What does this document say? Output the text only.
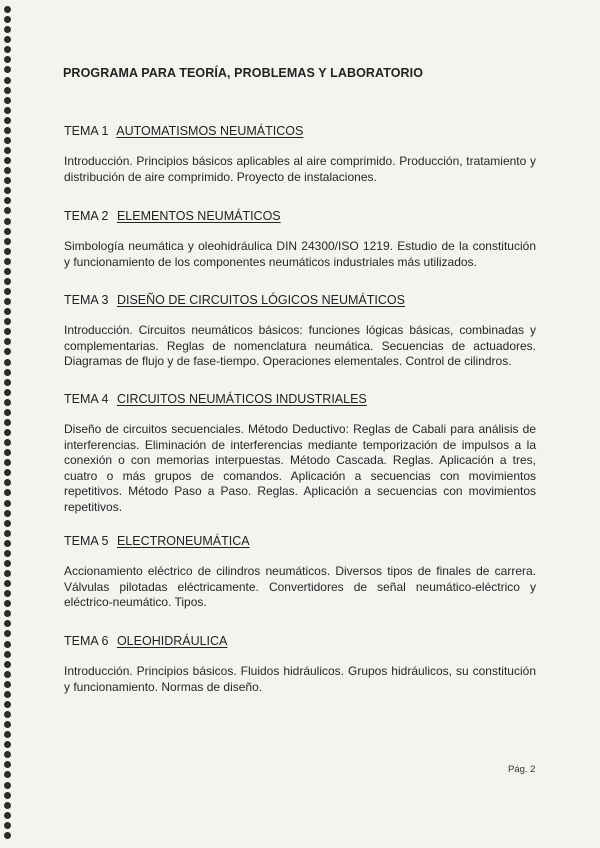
PROGRAMA PARA TEORÍA, PROBLEMAS Y LABORATORIO
TEMA 1 AUTOMATISMOS NEUMÁTICOS
Introducción. Principios básicos aplicables al aire comprimido. Producción, tratamiento y distribución de aire comprimido. Proyecto de instalaciones.
TEMA 2 ELEMENTOS NEUMÁTICOS
Simbología neumática y oleohidráulica DIN 24300/ISO 1219. Estudio de la constitución y funcionamiento de los componentes neumáticos industriales más utilizados.
TEMA 3 DISEÑO DE CIRCUITOS LÓGICOS NEUMÁTICOS
Introducción. Circuitos neumáticos básicos: funciones lógicas básicas, combinadas y complementarias. Reglas de nomenclatura neumática. Secuencias de actuadores. Diagramas de flujo y de fase-tiempo. Operaciones elementales. Control de cilindros.
TEMA 4 CIRCUITOS NEUMÁTICOS INDUSTRIALES
Diseño de circuitos secuenciales. Método Deductivo: Reglas de Cabali para análisis de interferencias. Eliminación de interferencias mediante temporización de impulsos a la conexión o con memorias interpuestas. Método Cascada. Reglas. Aplicación a tres, cuatro o más grupos de comandos. Aplicación a secuencias con movimientos repetitivos. Método Paso a Paso. Reglas. Aplicación a secuencias con movimientos repetitivos.
TEMA 5 ELECTRONEUMÁTICA
Accionamiento eléctrico de cilindros neumáticos. Diversos tipos de finales de carrera. Válvulas pilotadas eléctricamente. Convertidores de señal neumático-eléctrico y eléctrico-neumático. Tipos.
TEMA 6 OLEOHIDRÁULICA
Introducción. Principios básicos. Fluidos hidráulicos. Grupos hidráulicos, su constitución y funcionamiento. Normas de diseño.
Pág. 2
